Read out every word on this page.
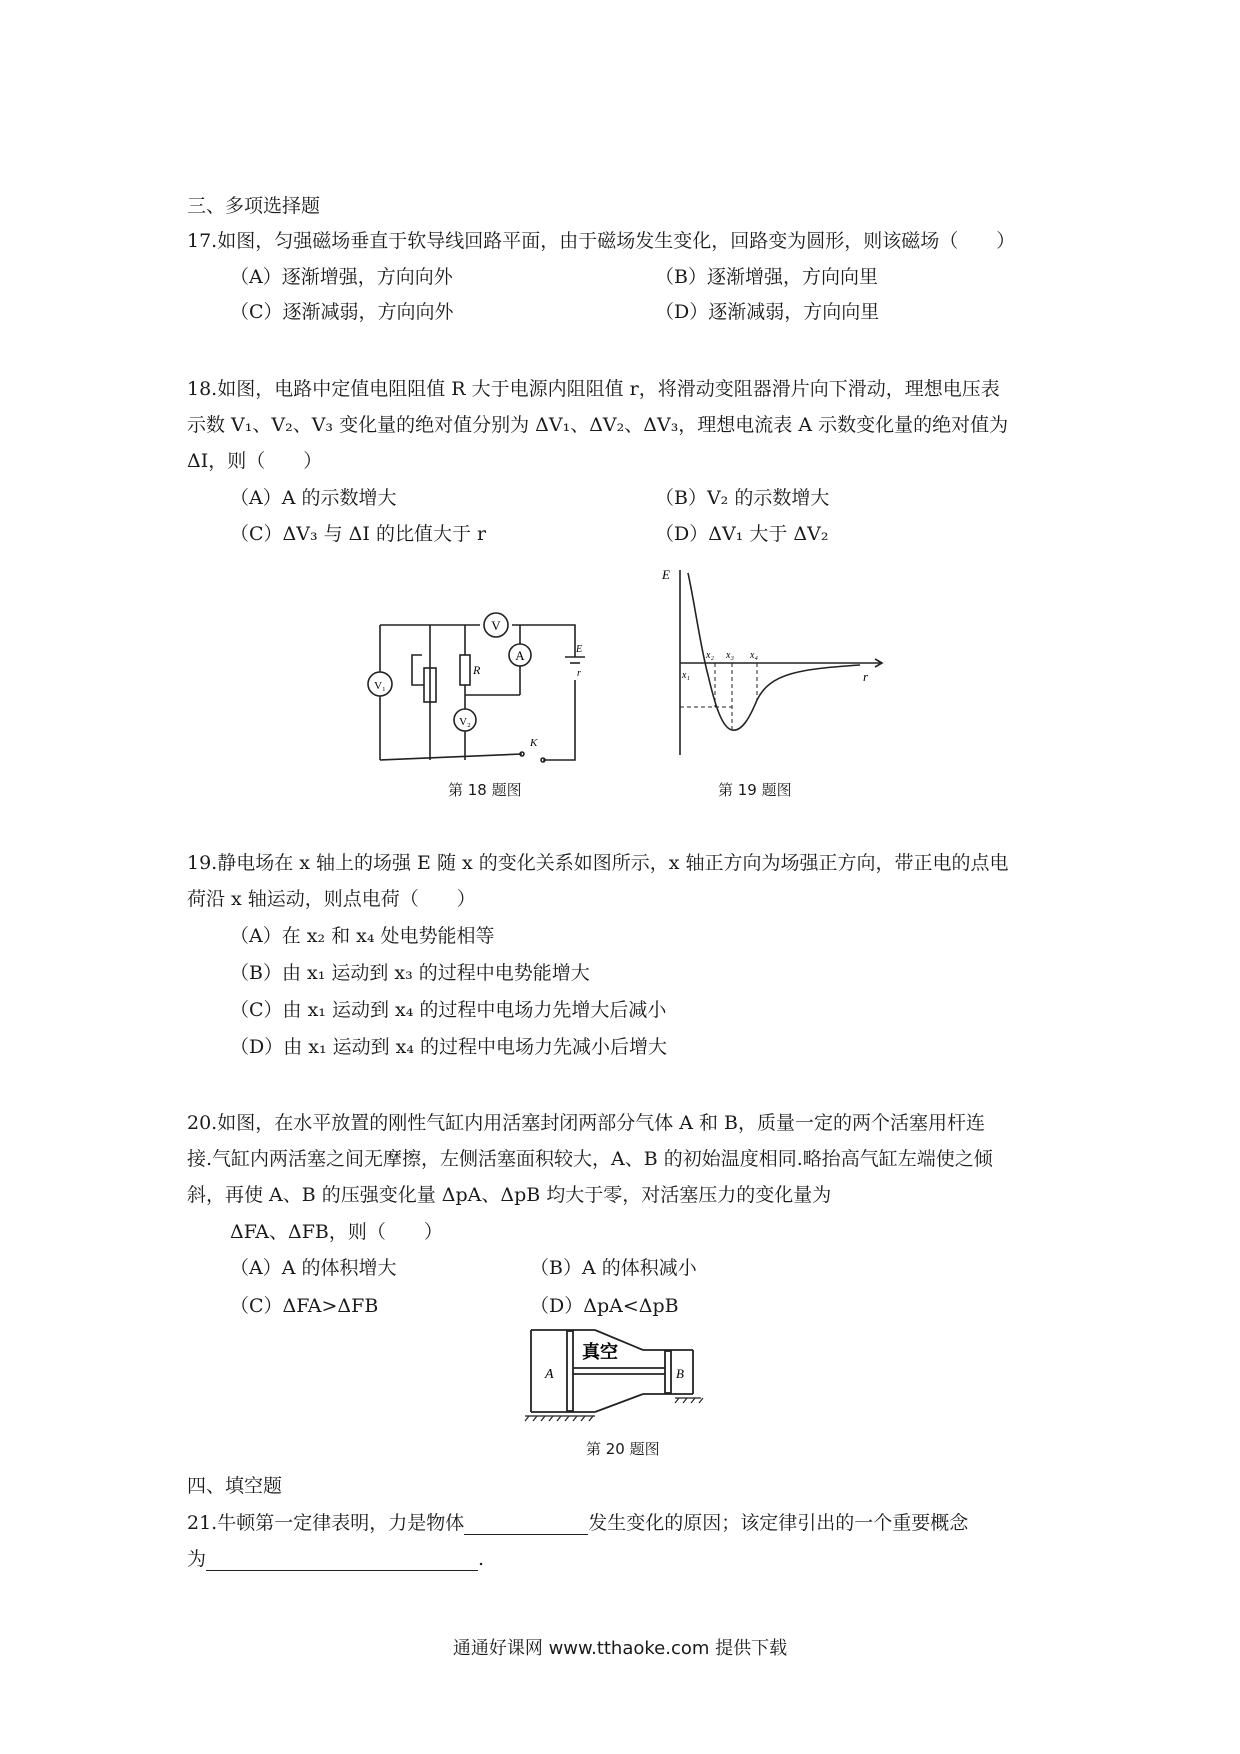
三、多项选择题
17.如图，匀强磁场垂直于软导线回路平面，由于磁场发生变化，回路变为圆形，则该磁场（　　）
（A）逐渐增强，方向向外	（B）逐渐增强，方向向里
（C）逐渐减弱，方向向外	（D）逐渐减弱，方向向里
18.如图，电路中定值电阻阻值 R 大于电源内阻阻值 r，将滑动变阻器滑片向下滑动，理想电压表
示数 V₁、V₂、V₃ 变化量的绝对值分别为 ΔV₁、ΔV₂、ΔV₃，理想电流表 A 示数变化量的绝对值为
ΔI，则（　　）
（A）A 的示数增大	（B）V₂ 的示数增大
（C）ΔV₃ 与 ΔI 的比值大于 r	（D）ΔV₁ 大于 ΔV₂
V
V₁
V₂
A
R
E
r
K
第 18 题图
E
r
x₁
x₂ x₃ x₄
第 19 题图
19.静电场在 x 轴上的场强 E 随 x 的变化关系如图所示，x 轴正方向为场强正方向，带正电的点电
荷沿 x 轴运动，则点电荷（　　）
（A）在 x₂ 和 x₄ 处电势能相等
（B）由 x₁ 运动到 x₃ 的过程中电势能增大
（C）由 x₁ 运动到 x₄ 的过程中电场力先增大后减小
（D）由 x₁ 运动到 x₄ 的过程中电场力先减小后增大
20.如图，在水平放置的刚性气缸内用活塞封闭两部分气体 A 和 B，质量一定的两个活塞用杆连
接.气缸内两活塞之间无摩擦，左侧活塞面积较大，A、B 的初始温度相同.略抬高气缸左端使之倾
斜，再使 A、B 的压强变化量 ΔpA、ΔpB 均大于零，对活塞压力的变化量为
ΔFA、ΔFB，则（　　）
（A）A 的体积增大	（B）A 的体积减小
（C）ΔFA>ΔFB	（D）ΔpA<ΔpB
A	B
真空
第 20 题图
四、填空题
21.牛顿第一定律表明，力是物体	发生变化的原因；该定律引出的一个重要概念
为	.
通通好课网 www.tthaoke.com 提供下载
